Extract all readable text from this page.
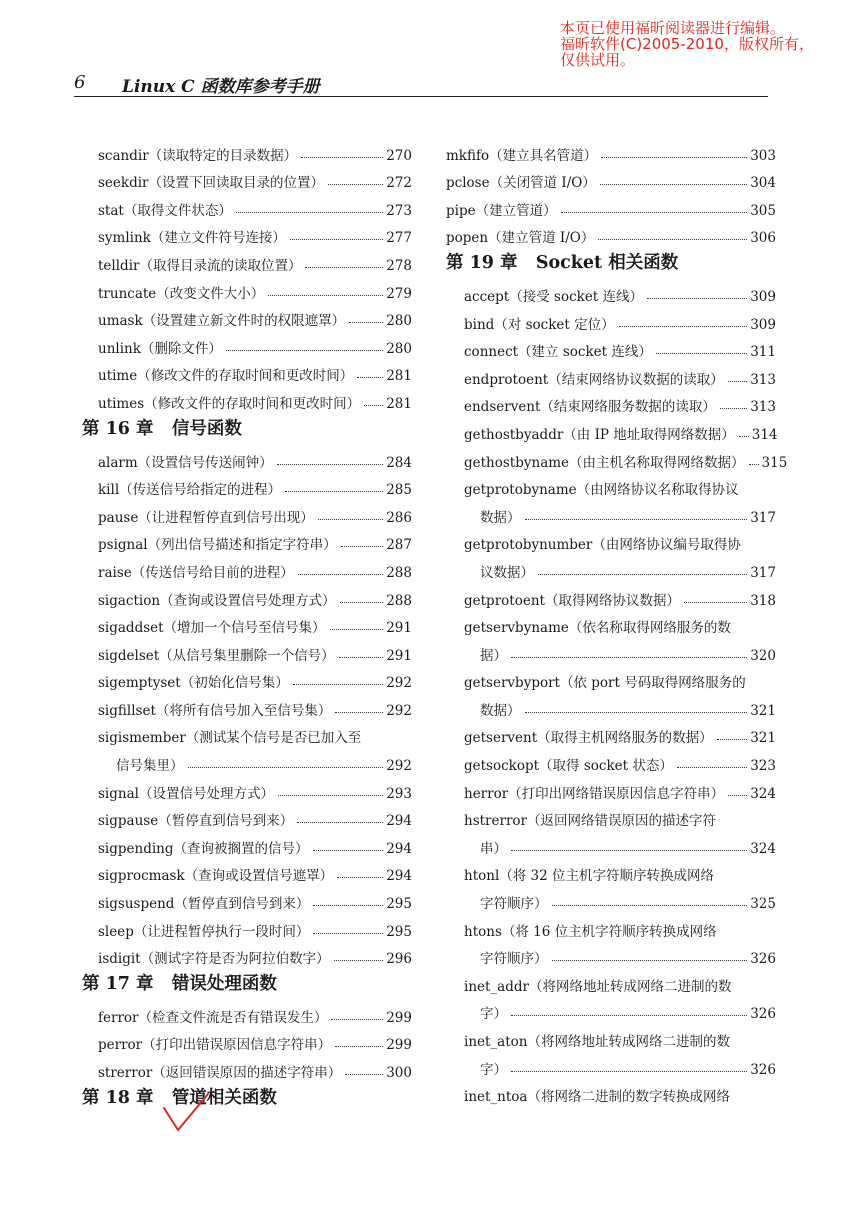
本页已使用福昕阅读器进行编辑。
福昕软件(C)2005-2010，版权所有，
仅供试用。
6 Linux C 函数库参考手册
scandir（读取特定的目录数据）	270
seekdir（设置下回读取目录的位置）	272
stat（取得文件状态）	273
symlink（建立文件符号连接）	277
telldir（取得目录流的读取位置）	278
truncate（改变文件大小）	279
umask（设置建立新文件时的权限遮罩）	280
unlink（删除文件）	280
utime（修改文件的存取时间和更改时间） 281
utimes（修改文件的存取时间和更改时间） 281
第 16 章   信号函数
alarm（设置信号传送闹钟）	284
kill（传送信号给指定的进程）	285
pause（让进程暂停直到信号出现）	286
psignal（列出信号描述和指定字符串）	287
raise（传送信号给目前的进程）	288
sigaction（查询或设置信号处理方式）	288
sigaddset（增加一个信号至信号集）	291
sigdelset（从信号集里删除一个信号）	291
sigemptyset（初始化信号集）	292
sigfillset（将所有信号加入至信号集）	292
sigismember（测试某个信号是否已加入至
信号集里）	292
signal（设置信号处理方式）	293
sigpause（暂停直到信号到来）	294
sigpending（查询被搁置的信号）	294
sigprocmask（查询或设置信号遮罩）	294
sigsuspend（暂停直到信号到来）	295
sleep（让进程暂停执行一段时间）	295
isdigit（测试字符是否为阿拉伯数字）	296
第 17 章   错误处理函数
ferror（检查文件流是否有错误发生）	299
perror（打印出错误原因信息字符串）	299
strerror（返回错误原因的描述字符串）	300
第 18 章   管道相关函数
mkfifo（建立具名管道）	303
pclose（关闭管道 I/O）	304
pipe（建立管道）	305
popen（建立管道 I/O）	306
第 19 章   Socket 相关函数
accept（接受 socket 连线）	309
bind（对 socket 定位）	309
connect（建立 socket 连线）	311
endprotoent（结束网络协议数据的读取） 313
endservent（结束网络服务数据的读取）	313
gethostbyaddr（由 IP 地址取得网络数据） 314
gethostbyname（由主机名称取得网络数据） 315
getprotobyname（由网络协议名称取得协议
数据）	317
getprotobynumber（由网络协议编号取得协
议数据）	317
getprotoent（取得网络协议数据）	318
getservbyname（依名称取得网络服务的数
据）	320
getservbyport（依 port 号码取得网络服务的
数据）	321
getservent（取得主机网络服务的数据）	321
getsockopt（取得 socket 状态）	323
herror（打印出网络错误原因信息字符串） 324
hstrerror（返回网络错误原因的描述字符
串）	324
htonl（将 32 位主机字符顺序转换成网络
字符顺序）	325
htons（将 16 位主机字符顺序转换成网络
字符顺序）	326
inet_addr（将网络地址转成网络二进制的数
字）	326
inet_aton（将网络地址转成网络二进制的数
字）	326
inet_ntoa（将网络二进制的数字转换成网络
